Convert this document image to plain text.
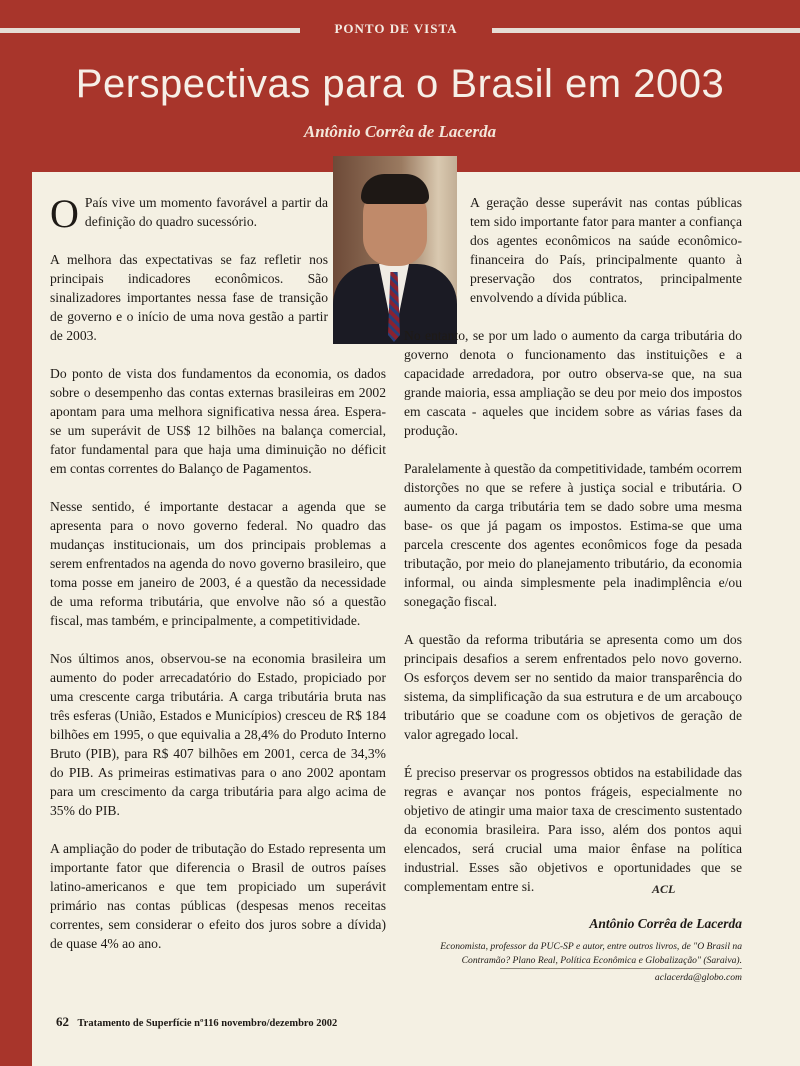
PONTO DE VISTA
Perspectivas para o Brasil em 2003
Antônio Corrêa de Lacerda

O País vive um momento favorável a partir da definição do quadro sucessório.

A melhora das expectativas se faz refletir nos principais indicadores econômicos. São sinalizadores importantes nessa fase de transição de governo e o início de uma nova gestão a partir de 2003.

Do ponto de vista dos fundamentos da economia, os dados sobre o desempenho das contas externas brasileiras em 2002 apontam para uma melhora significativa nessa área. Espera-se um superávit de US$ 12 bilhões na balança comercial, fator fundamental para que haja uma diminuição no déficit em contas correntes do Balanço de Pagamentos.

Nesse sentido, é importante destacar a agenda que se apresenta para o novo governo federal. No quadro das mudanças institucionais, um dos principais problemas a serem enfrentados na agenda do novo governo brasileiro, que toma posse em janeiro de 2003, é a questão da necessidade de uma reforma tributária, que envolve não só a questão fiscal, mas também, e principalmente, a competitividade.

Nos últimos anos, observou-se na economia brasileira um aumento do poder arrecadatório do Estado, propiciado por uma crescente carga tributária. A carga tributária bruta nas três esferas (União, Estados e Municípios) cresceu de R$ 184 bilhões em 1995, o que equivalia a 28,4% do Produto Interno Bruto (PIB), para R$ 407 bilhões em 2001, cerca de 34,3% do PIB. As primeiras estimativas para o ano 2002 apontam para um crescimento da carga tributária para algo acima de 35% do PIB.

A ampliação do poder de tributação do Estado representa um importante fator que diferencia o Brasil de outros países latino-americanos e que tem propiciado um superávit primário nas contas públicas (despesas menos receitas correntes, sem considerar o efeito dos juros sobre a dívida) de quase 4% ao ano.

A geração desse superávit nas contas públicas tem sido importante fator para manter a confiança dos agentes econômicos na saúde econômico-financeira do País, principalmente quanto à preservação dos contratos, principalmente envolvendo a dívida pública.

No entanto, se por um lado o aumento da carga tributária do governo denota o funcionamento das instituições e a capacidade arredadora, por outro observa-se que, na sua grande maioria, essa ampliação se deu por meio dos impostos em cascata - aqueles que incidem sobre as várias fases da produção.

Paralelamente à questão da competitividade, também ocorrem distorções no que se refere à justiça social e tributária. O aumento da carga tributária tem se dado sobre uma mesma base- os que já pagam os impostos. Estima-se que uma parcela crescente dos agentes econômicos foge da pesada tributação, por meio do planejamento tributário, da economia informal, ou ainda simplesmente pela inadimplência e/ou sonegação fiscal.

A questão da reforma tributária se apresenta como um dos principais desafios a serem enfrentados pelo novo governo. Os esforços devem ser no sentido da maior transparência do sistema, da simplificação da sua estrutura e de um arcabouço tributário que se coadune com os objetivos de geração de valor agregado local.

É preciso preservar os progressos obtidos na estabilidade das regras e avançar nos pontos frágeis, especialmente no objetivo de atingir uma maior taxa de crescimento sustentado da economia brasileira. Para isso, além dos pontos aqui elencados, será crucial uma maior ênfase na política industrial. Esses são objetivos e oportunidades que se complementam entre si.	ACL
Antônio Corrêa de Lacerda
Economista, professor da PUC-SP e autor, entre outros livros, de "O Brasil na Contramão? Plano Real, Política Econômica e Globalização" (Saraiva).
aclacerda@globo.com
62 Tratamento de Superfície nº116 novembro/dezembro 2002
